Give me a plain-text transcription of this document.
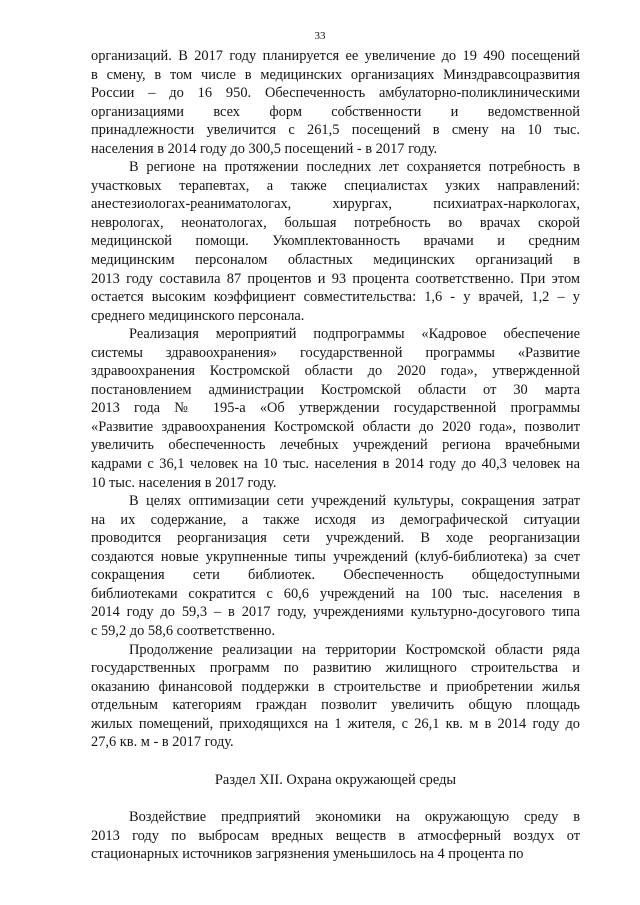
33
организаций. В 2017 году планируется ее увеличение до 19 490 посещений
в смену, в том числе в медицинских организациях Минздравсоцразвития
России – до 16 950. Обеспеченность амбулаторно-поликлиническими
организациями всех форм собственности и ведомственной
принадлежности увеличится с 261,5 посещений в смену на 10 тыс.
населения в 2014 году до 300,5 посещений - в 2017 году.
В регионе на протяжении последних лет сохраняется потребность в
участковых терапевтах, а также специалистах узких направлений:
анестезиологах-реаниматологах, хирургах, психиатрах-наркологах,
неврологах, неонатологах, большая потребность во врачах скорой
медицинской помощи. Укомплектованность врачами и средним
медицинским персоналом областных медицинских организаций в
2013 году составила 87 процентов и 93 процента соответственно. При этом
остается высоким коэффициент совместительства: 1,6 - у врачей, 1,2 – у
среднего медицинского персонала.
Реализация мероприятий подпрограммы «Кадровое обеспечение
системы здравоохранения» государственной программы «Развитие
здравоохранения Костромской области до 2020 года», утвержденной
постановлением администрации Костромской области от 30 марта
2013 года № 195-а «Об утверждении государственной программы
«Развитие здравоохранения Костромской области до 2020 года», позволит
увеличить обеспеченность лечебных учреждений региона врачебными
кадрами с 36,1 человек на 10 тыс. населения в 2014 году до 40,3 человек на
10 тыс. населения в 2017 году.
В целях оптимизации сети учреждений культуры, сокращения затрат
на их содержание, а также исходя из демографической ситуации
проводится реорганизация сети учреждений. В ходе реорганизации
создаются новые укрупненные типы учреждений (клуб-библиотека) за счет
сокращения сети библиотек. Обеспеченность общедоступными
библиотеками сократится с 60,6 учреждений на 100 тыс. населения в
2014 году до 59,3 – в 2017 году, учреждениями культурно-досугового типа
с 59,2 до 58,6 соответственно.
Продолжение реализации на территории Костромской области ряда
государственных программ по развитию жилищного строительства и
оказанию финансовой поддержки в строительстве и приобретении жилья
отдельным категориям граждан позволит увеличить общую площадь
жилых помещений, приходящихся на 1 жителя, с 26,1 кв. м в 2014 году до
27,6 кв. м - в 2017 году.
Раздел XII. Охрана окружающей среды
Воздействие предприятий экономики на окружающую среду в
2013 году по выбросам вредных веществ в атмосферный воздух от
стационарных источников загрязнения уменьшилось на 4 процента по
